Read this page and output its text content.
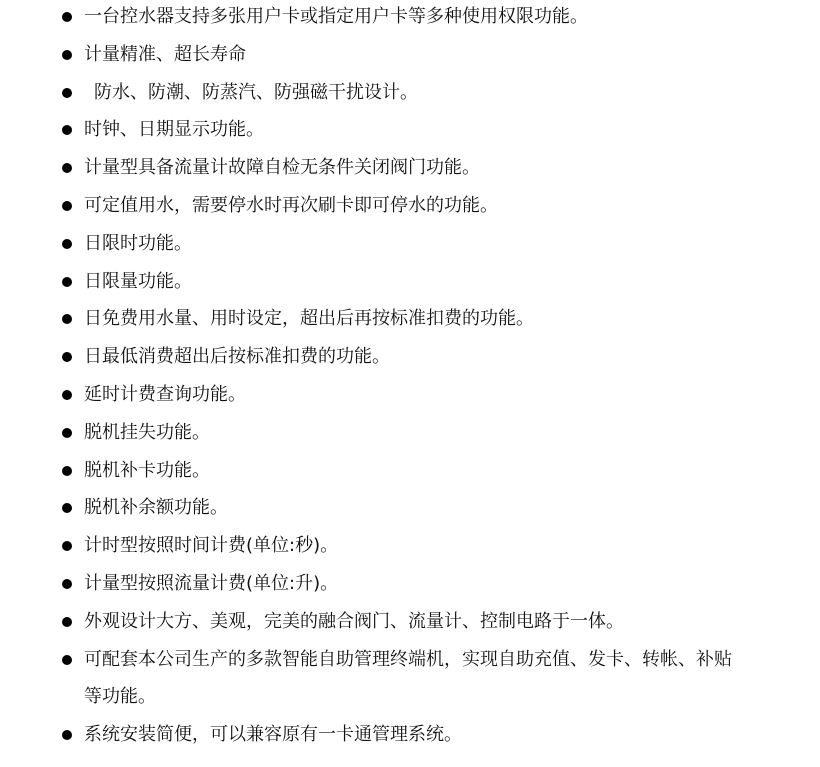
一台控水器支持多张用户卡或指定用户卡等多种使用权限功能。
计量精准、超长寿命
防水、防潮、防蒸汽、防强磁干扰设计。
时钟、日期显示功能。
计量型具备流量计故障自检无条件关闭阀门功能。
可定值用水，需要停水时再次刷卡即可停水的功能。
日限时功能。
日限量功能。
日免费用水量、用时设定，超出后再按标准扣费的功能。
日最低消费超出后按标准扣费的功能。
延时计费查询功能。
脱机挂失功能。
脱机补卡功能。
脱机补余额功能。
计时型按照时间计费(单位:秒)。
计量型按照流量计费(单位:升)。
外观设计大方、美观，完美的融合阀门、流量计、控制电路于一体。
可配套本公司生产的多款智能自助管理终端机，实现自助充值、发卡、转帐、补贴等功能。
系统安装简便，可以兼容原有一卡通管理系统。
